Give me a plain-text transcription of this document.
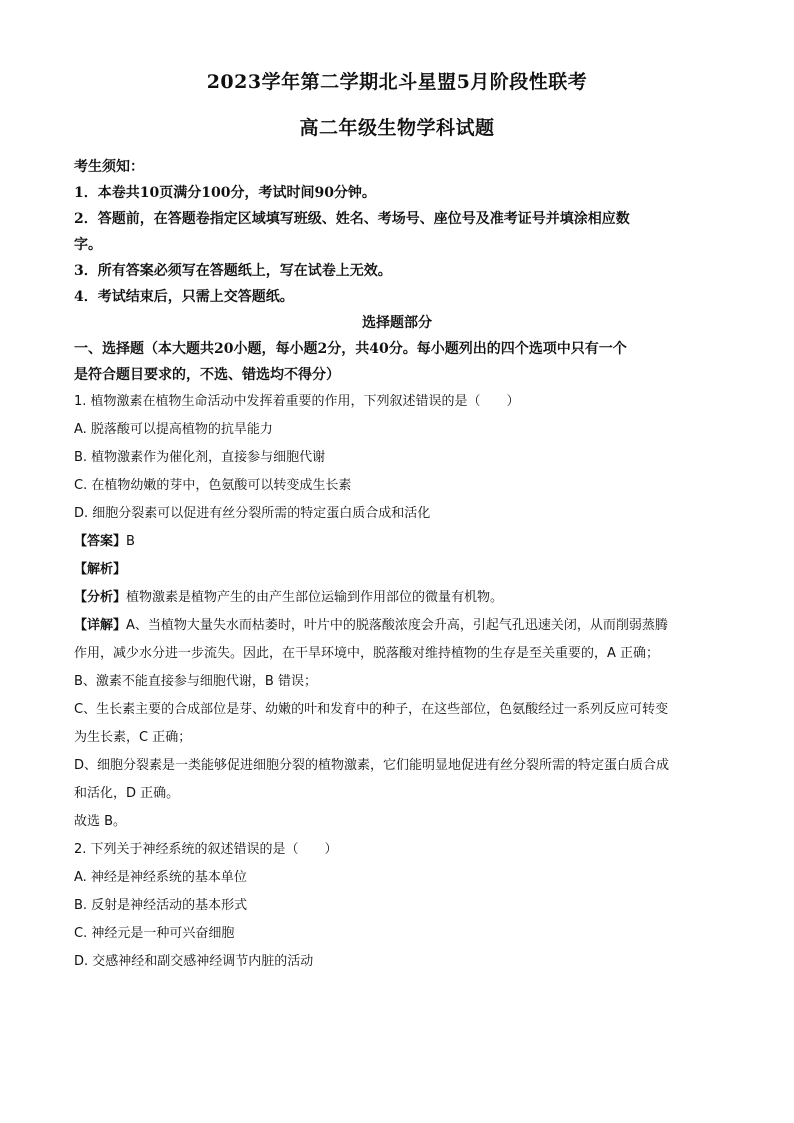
2023学年第二学期北斗星盟5月阶段性联考
高二年级生物学科试题

考生须知：

1．本卷共10页满分100分，考试时间90分钟。

2．答题前，在答题卷指定区域填写班级、姓名、考场号、座位号及准考证号并填涂相应数

字。

3．所有答案必须写在答题纸上，写在试卷上无效。

4．考试结束后，只需上交答题纸。

选择题部分

一、选择题（本大题共20小题，每小题2分，共40分。每小题列出的四个选项中只有一个

是符合题目要求的，不选、错选均不得分）

1. 植物激素在植物生命活动中发挥着重要的作用，下列叙述错误的是（　　）

A. 脱落酸可以提高植物的抗旱能力

B. 植物激素作为催化剂，直接参与细胞代谢

C. 在植物幼嫩的芽中，色氨酸可以转变成生长素

D. 细胞分裂素可以促进有丝分裂所需的特定蛋白质合成和活化

【答案】B

【解析】

【分析】植物激素是植物产生的由产生部位运输到作用部位的微量有机物。

【详解】A、当植物大量失水而枯萎时，叶片中的脱落酸浓度会升高，引起气孔迅速关闭，从而削弱蒸腾

作用，减少水分进一步流失。因此，在干旱环境中，脱落酸对维持植物的生存是至关重要的，A 正确；

B、激素不能直接参与细胞代谢，B 错误；

C、生长素主要的合成部位是芽、幼嫩的叶和发育中的种子，在这些部位，色氨酸经过一系列反应可转变

为生长素，C 正确；

D、细胞分裂素是一类能够促进细胞分裂的植物激素，它们能明显地促进有丝分裂所需的特定蛋白质合成

和活化，D 正确。

故选 B。

2. 下列关于神经系统的叙述错误的是（　　）

A. 神经是神经系统的基本单位

B. 反射是神经活动的基本形式

C. 神经元是一种可兴奋细胞

D. 交感神经和副交感神经调节内脏的活动
